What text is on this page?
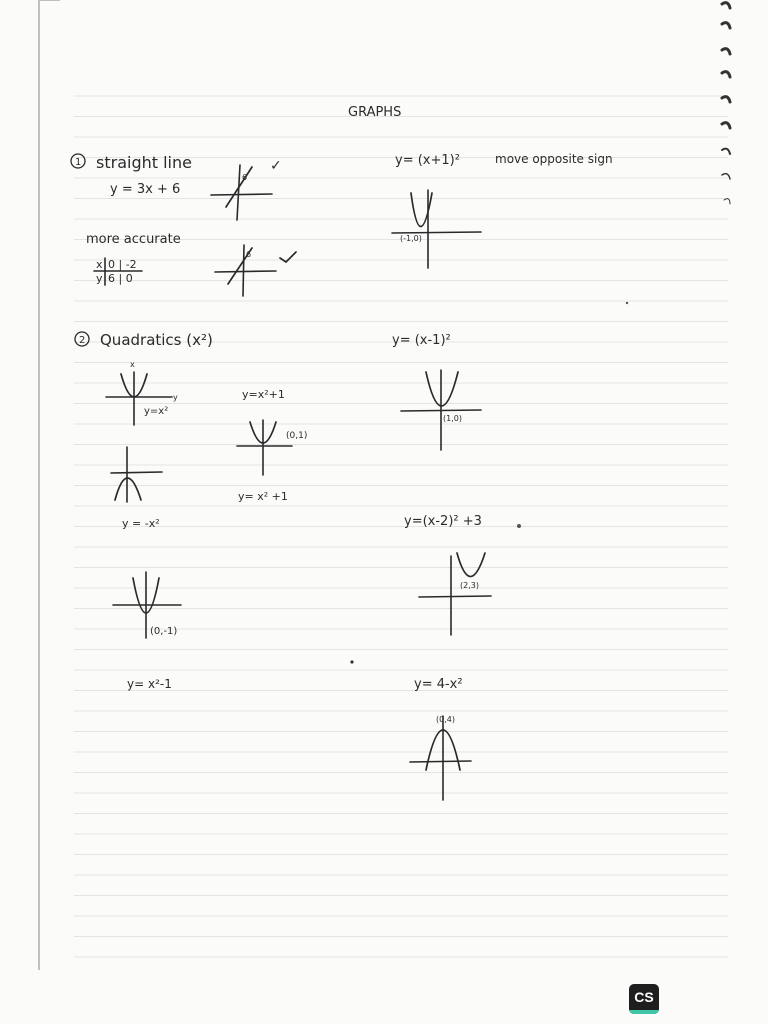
GRAPHS
1 straight line
y = 3x + 6
6
✓
more accurate
x 0 | -2
y 6 | 0
6
2 Quadratics (x²)
x
y
y=x²
y=x²+1
(0,1)
y= x² +1
y = -x²
(0,-1)
y= x²-1
y= (x+1)²	move opposite sign
(-1,0)
y= (x-1)²
(1,0)
y=(x-2)² +3
(2,3)
y= 4-x²
(0,4)
CS
